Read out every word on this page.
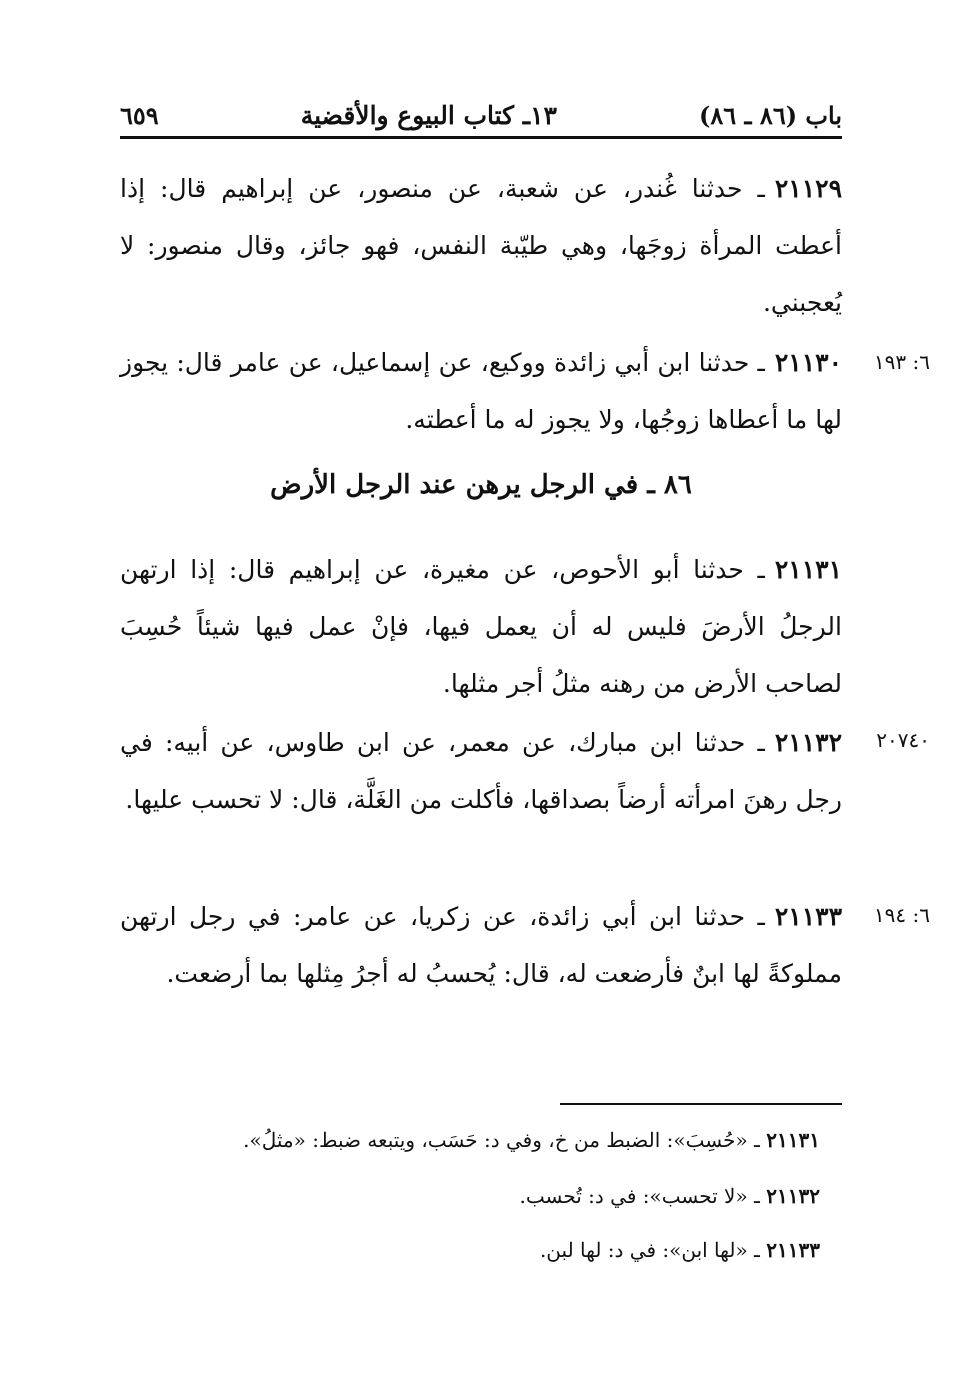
باب (٨٦ ـ ٨٦)
١٣ـ كتاب البيوع والأقضية
٦٥٩
٢١١٢٩ـ حدثنا غُندر، عن شعبة، عن منصور، عن إبراهيم قال: إذا أعطت المرأة زوجَها، وهي طيّبة النفس، فهو جائز، وقال منصور: لا يُعجبني.
٦: ١٩٣
٢١١٣٠ـ حدثنا ابن أبي زائدة ووكيع، عن إسماعيل، عن عامر قال: يجوز لها ما أعطاها زوجُها، ولا يجوز له ما أعطته.
٨٦ ـ في الرجل يرهن عند الرجل الأرض
٢١١٣١ـ حدثنا أبو الأحوص، عن مغيرة، عن إبراهيم قال: إذا ارتهن الرجلُ الأرضَ فليس له أن يعمل فيها، فإنْ عمل فيها شيئاً حُسِبَ لصاحب الأرض من رهنه مثلُ أجر مثلها.
٢٠٧٤٠
٢١١٣٢ـ حدثنا ابن مبارك، عن معمر، عن ابن طاوس، عن أبيه: في رجل رهنَ امرأته أرضاً بصداقها، فأكلت من الغَلَّة، قال: لا تحسب عليها.
٦: ١٩٤
٢١١٣٣ـ حدثنا ابن أبي زائدة، عن زكريا، عن عامر: في رجل ارتهن مملوكةً لها ابنٌ فأرضعت له، قال: يُحسبُ له أجرُ مِثلها بما أرضعت.
٢١١٣١ ـ «حُسِبَ»: الضبط من خ، وفي د: حَسَب، ويتبعه ضبط: «مثلُ».
٢١١٣٢ ـ «لا تحسب»: في د: تُحسب.
٢١١٣٣ ـ «لها ابن»: في د: لها لبن.
